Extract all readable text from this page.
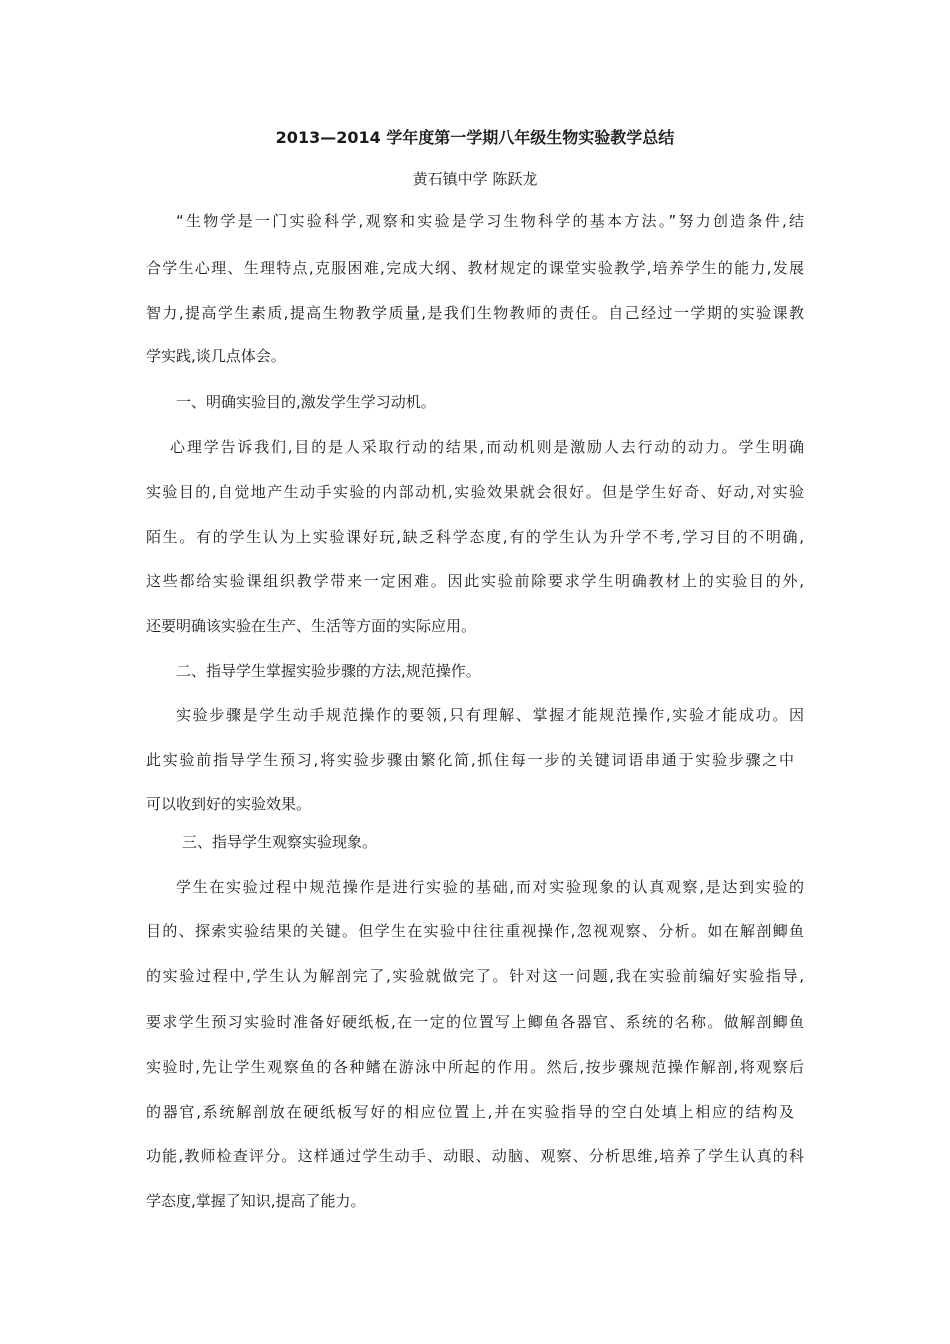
2013—2014 学年度第一学期八年级生物实验教学总结
黄石镇中学 陈跃龙
“生物学是一门实验科学,观察和实验是学习生物科学的基本方法。”努力创造条件,结
合学生心理、生理特点,克服困难,完成大纲、教材规定的课堂实验教学,培养学生的能力,发展
智力,提高学生素质,提高生物教学质量,是我们生物教师的责任。自己经过一学期的实验课教
学实践,谈几点体会。
一、明确实验目的,激发学生学习动机。
心理学告诉我们,目的是人采取行动的结果,而动机则是激励人去行动的动力。学生明确
实验目的,自觉地产生动手实验的内部动机,实验效果就会很好。但是学生好奇、好动,对实验
陌生。有的学生认为上实验课好玩,缺乏科学态度,有的学生认为升学不考,学习目的不明确,
这些都给实验课组织教学带来一定困难。因此实验前除要求学生明确教材上的实验目的外,
还要明确该实验在生产、生活等方面的实际应用。
二、指导学生掌握实验步骤的方法,规范操作。
实验步骤是学生动手规范操作的要领,只有理解、掌握才能规范操作,实验才能成功。因
此实验前指导学生预习,将实验步骤由繁化简,抓住每一步的关键词语串通于实验步骤之中
可以收到好的实验效果。
三、指导学生观察实验现象。
学生在实验过程中规范操作是进行实验的基础,而对实验现象的认真观察,是达到实验的
目的、探索实验结果的关键。但学生在实验中往往重视操作,忽视观察、分析。如在解剖鲫鱼
的实验过程中,学生认为解剖完了,实验就做完了。针对这一问题,我在实验前编好实验指导,
要求学生预习实验时准备好硬纸板,在一定的位置写上鲫鱼各器官、系统的名称。做解剖鲫鱼
实验时,先让学生观察鱼的各种鳍在游泳中所起的作用。然后,按步骤规范操作解剖,将观察后
的器官,系统解剖放在硬纸板写好的相应位置上,并在实验指导的空白处填上相应的结构及
功能,教师检查评分。这样通过学生动手、动眼、动脑、观察、分析思维,培养了学生认真的科
学态度,掌握了知识,提高了能力。
